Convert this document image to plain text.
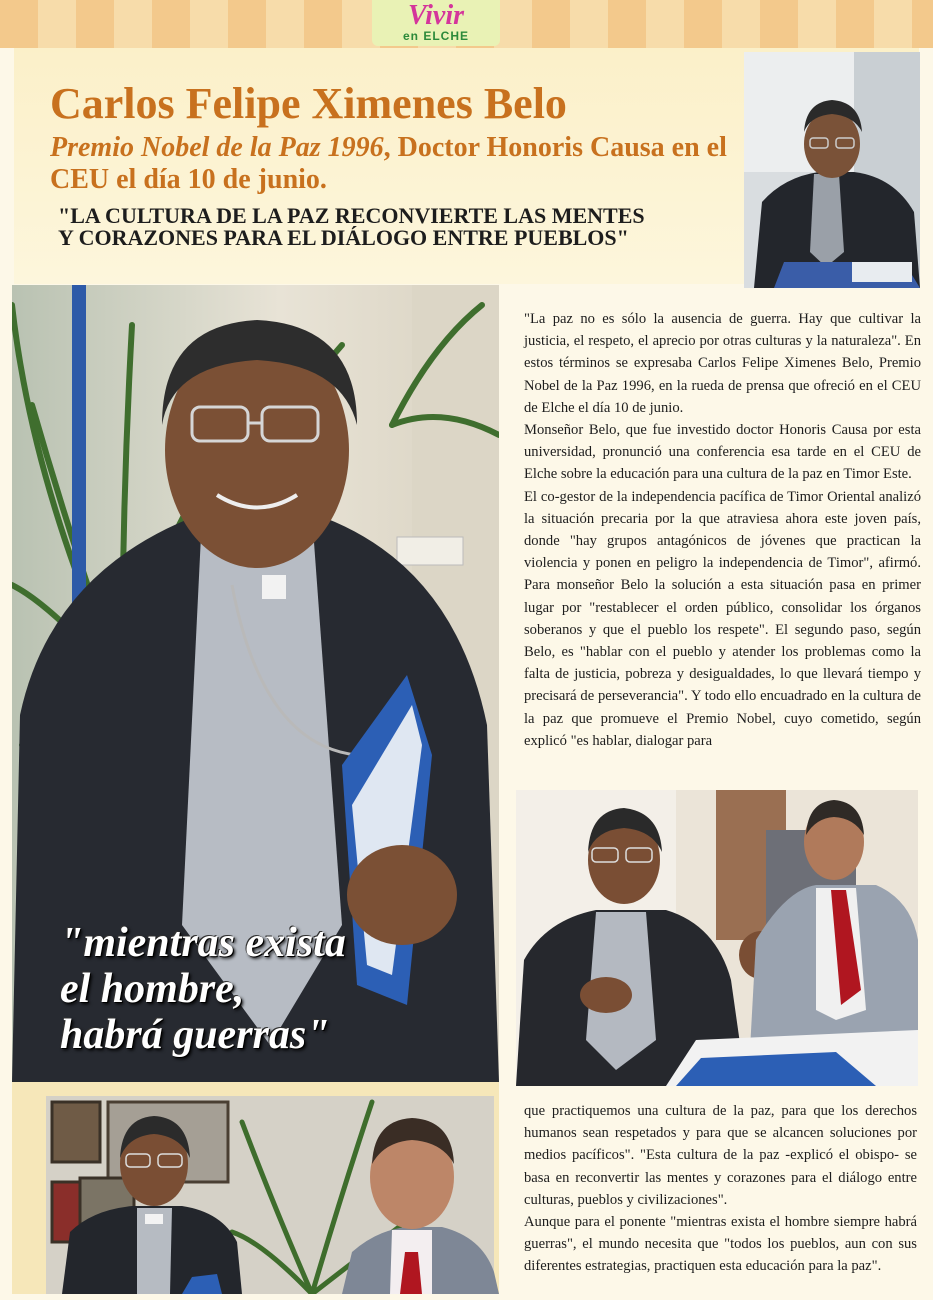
Vivir
en ELCHE
Carlos Felipe Ximenes Belo
Premio Nobel de la Paz 1996, Doctor Honoris Causa en el CEU el día 10 de junio.
"LA CULTURA DE LA PAZ RECONVIERTE LAS MENTES
Y CORAZONES PARA EL DIÁLOGO ENTRE PUEBLOS"

"mientras exista
el hombre,
habrá guerras"

"La paz no es sólo la ausencia de guerra. Hay que cultivar la justicia, el respeto, el aprecio por otras culturas y la naturaleza". En estos términos se expresaba Carlos Felipe Ximenes Belo, Premio Nobel de la Paz 1996, en la rueda de prensa que ofreció en el CEU de Elche el día 10 de junio.

Monseñor Belo, que fue investido doctor Honoris Causa por esta universidad, pronunció una conferencia esa tarde en el CEU de Elche sobre la educación para una cultura de la paz en Timor Este.

El co-gestor de la independencia pacífica de Timor Oriental analizó la situación precaria por la que atraviesa ahora este joven país, donde "hay grupos antagónicos de jóvenes que practican la violencia y ponen en peligro la independencia de Timor", afirmó. Para monseñor Belo la solución a esta situación pasa en primer lugar por "restablecer el orden público, consolidar los órganos soberanos y que el pueblo los respete". El segundo paso, según Belo, es "hablar con el pueblo y atender los problemas como la falta de justicia, pobreza y desigualdades, lo que llevará tiempo y precisará de perseverancia". Y todo ello encuadrado en la cultura de la paz que promueve el Premio Nobel, cuyo cometido, según explicó "es hablar, dialogar para

que practiquemos una cultura de la paz, para que los derechos humanos sean respetados y para que se alcancen soluciones por medios pacíficos". "Esta cultura de la paz -explicó el obispo- se basa en reconvertir las mentes y corazones para el diálogo entre culturas, pueblos y civilizaciones".

Aunque para el ponente "mientras exista el hombre siempre habrá guerras", el mundo necesita que "todos los pueblos, aun con sus diferentes estrategias, practiquen esta educación para la paz".
